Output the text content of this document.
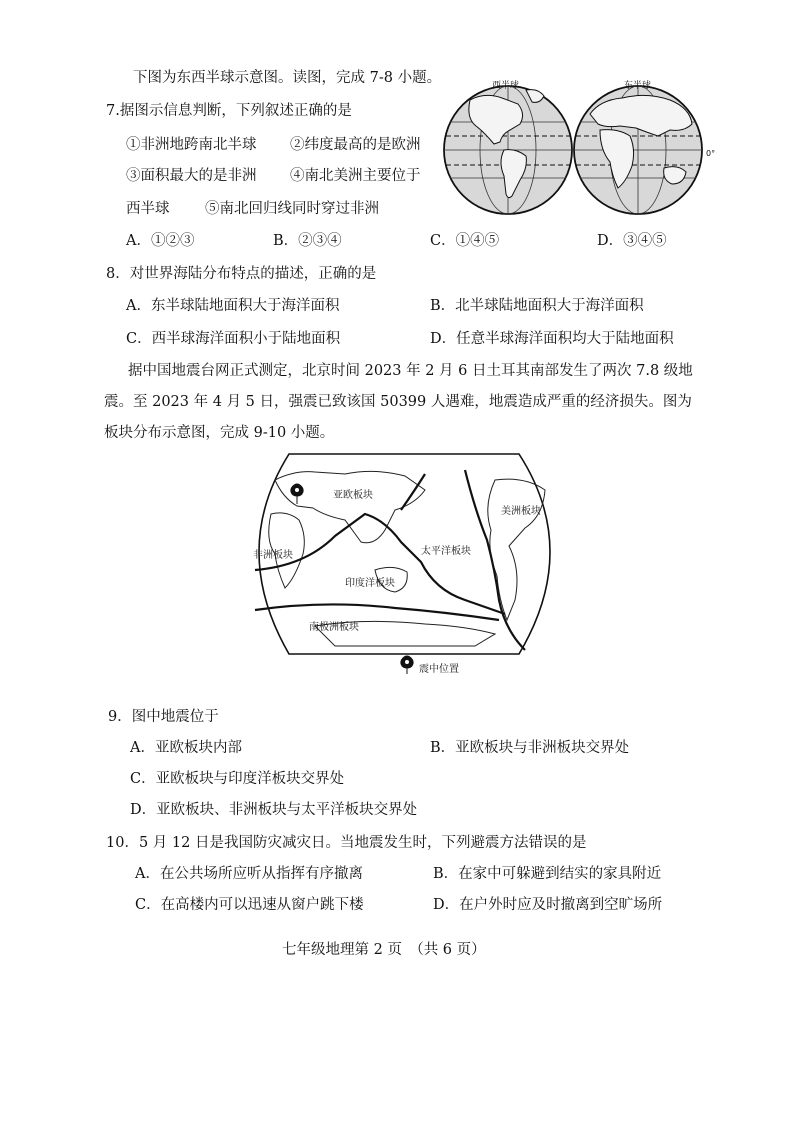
下图为东西半球示意图。读图，完成 7-8 小题。
7.据图示信息判断，下列叙述正确的是
①非洲地跨南北半球 ②纬度最高的是欧洲
③面积最大的是非洲 ④南北美洲主要位于
西半球 ⑤南北回归线同时穿过非洲
A．①②③	B．②③④	C．①④⑤	D．③④⑤
西半球	东半球
0°
8．对世界海陆分布特点的描述，正确的是
A．东半球陆地面积大于海洋面积	B．北半球陆地面积大于海洋面积
C．西半球海洋面积小于陆地面积	D．任意半球海洋面积均大于陆地面积
据中国地震台网正式测定，北京时间 2023 年 2 月 6 日土耳其南部发生了两次 7.8 级地
震。至 2023 年 4 月 5 日，强震已致该国 50399 人遇难，地震造成严重的经济损失。图为
板块分布示意图，完成 9-10 小题。
亚欧板块
美洲板块
非洲板块	太平洋板块
印度洋板块
南极洲板块
震中位置
9．图中地震位于
A．亚欧板块内部	B．亚欧板块与非洲板块交界处
C．亚欧板块与印度洋板块交界处
D．亚欧板块、非洲板块与太平洋板块交界处
10．5 月 12 日是我国防灾减灾日。当地震发生时，下列避震方法错误的是
A．在公共场所应听从指挥有序撤离	B．在家中可躲避到结实的家具附近
C．在高楼内可以迅速从窗户跳下楼	D．在户外时应及时撤离到空旷场所
七年级地理第 2 页　（共 6 页）
